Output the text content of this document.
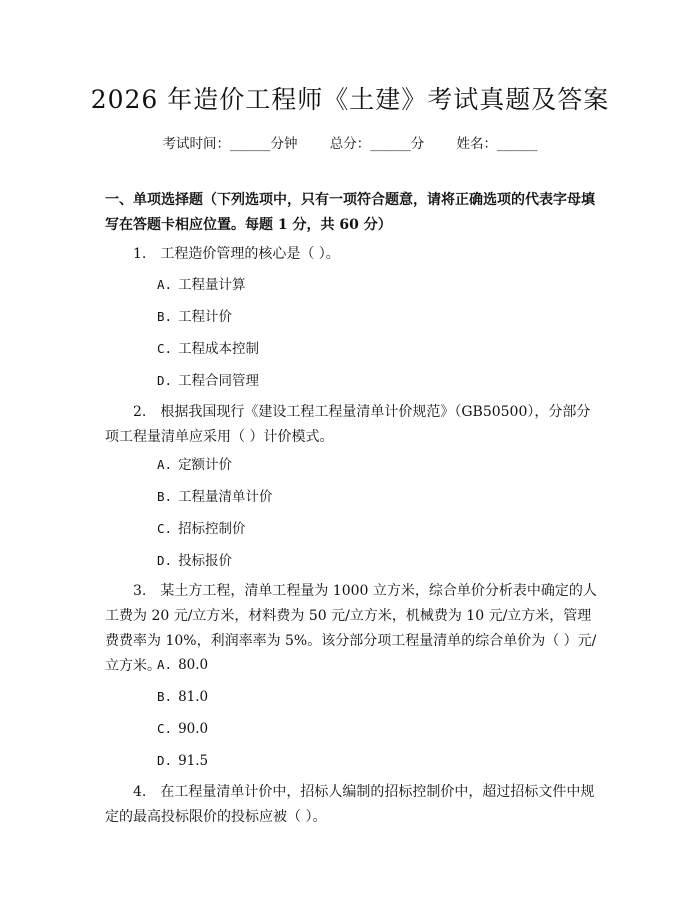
2026 年造价工程师《土建》考试真题及答案
考试时间：______分钟 总分：______分 姓名：______
一、单项选择题（下列选项中，只有一项符合题意，请将正确选项的代表字母填写在答题卡相应位置。每题 1 分，共 60 分）
1.　工程造价管理的核心是（ ）。
A. 工程量计算
B. 工程计价
C. 工程成本控制
D. 工程合同管理
2.　根据我国现行《建设工程工程量清单计价规范》（GB50500），分部分项工程量清单应采用（ ）计价模式。
A. 定额计价
B. 工程量清单计价
C. 招标控制价
D. 投标报价
3.　某土方工程，清单工程量为 1000 立方米，综合单价分析表中确定的人工费为 20 元/立方米，材料费为 50 元/立方米，机械费为 10 元/立方米，管理费费率为 10%，利润率率为 5%。该分部分项工程量清单的综合单价为（ ）元/立方米。
A. 80.0
B. 81.0
C. 90.0
D. 91.5
4.　在工程量清单计价中，招标人编制的招标控制价中，超过招标文件中规定的最高投标限价的投标应被（ ）。
